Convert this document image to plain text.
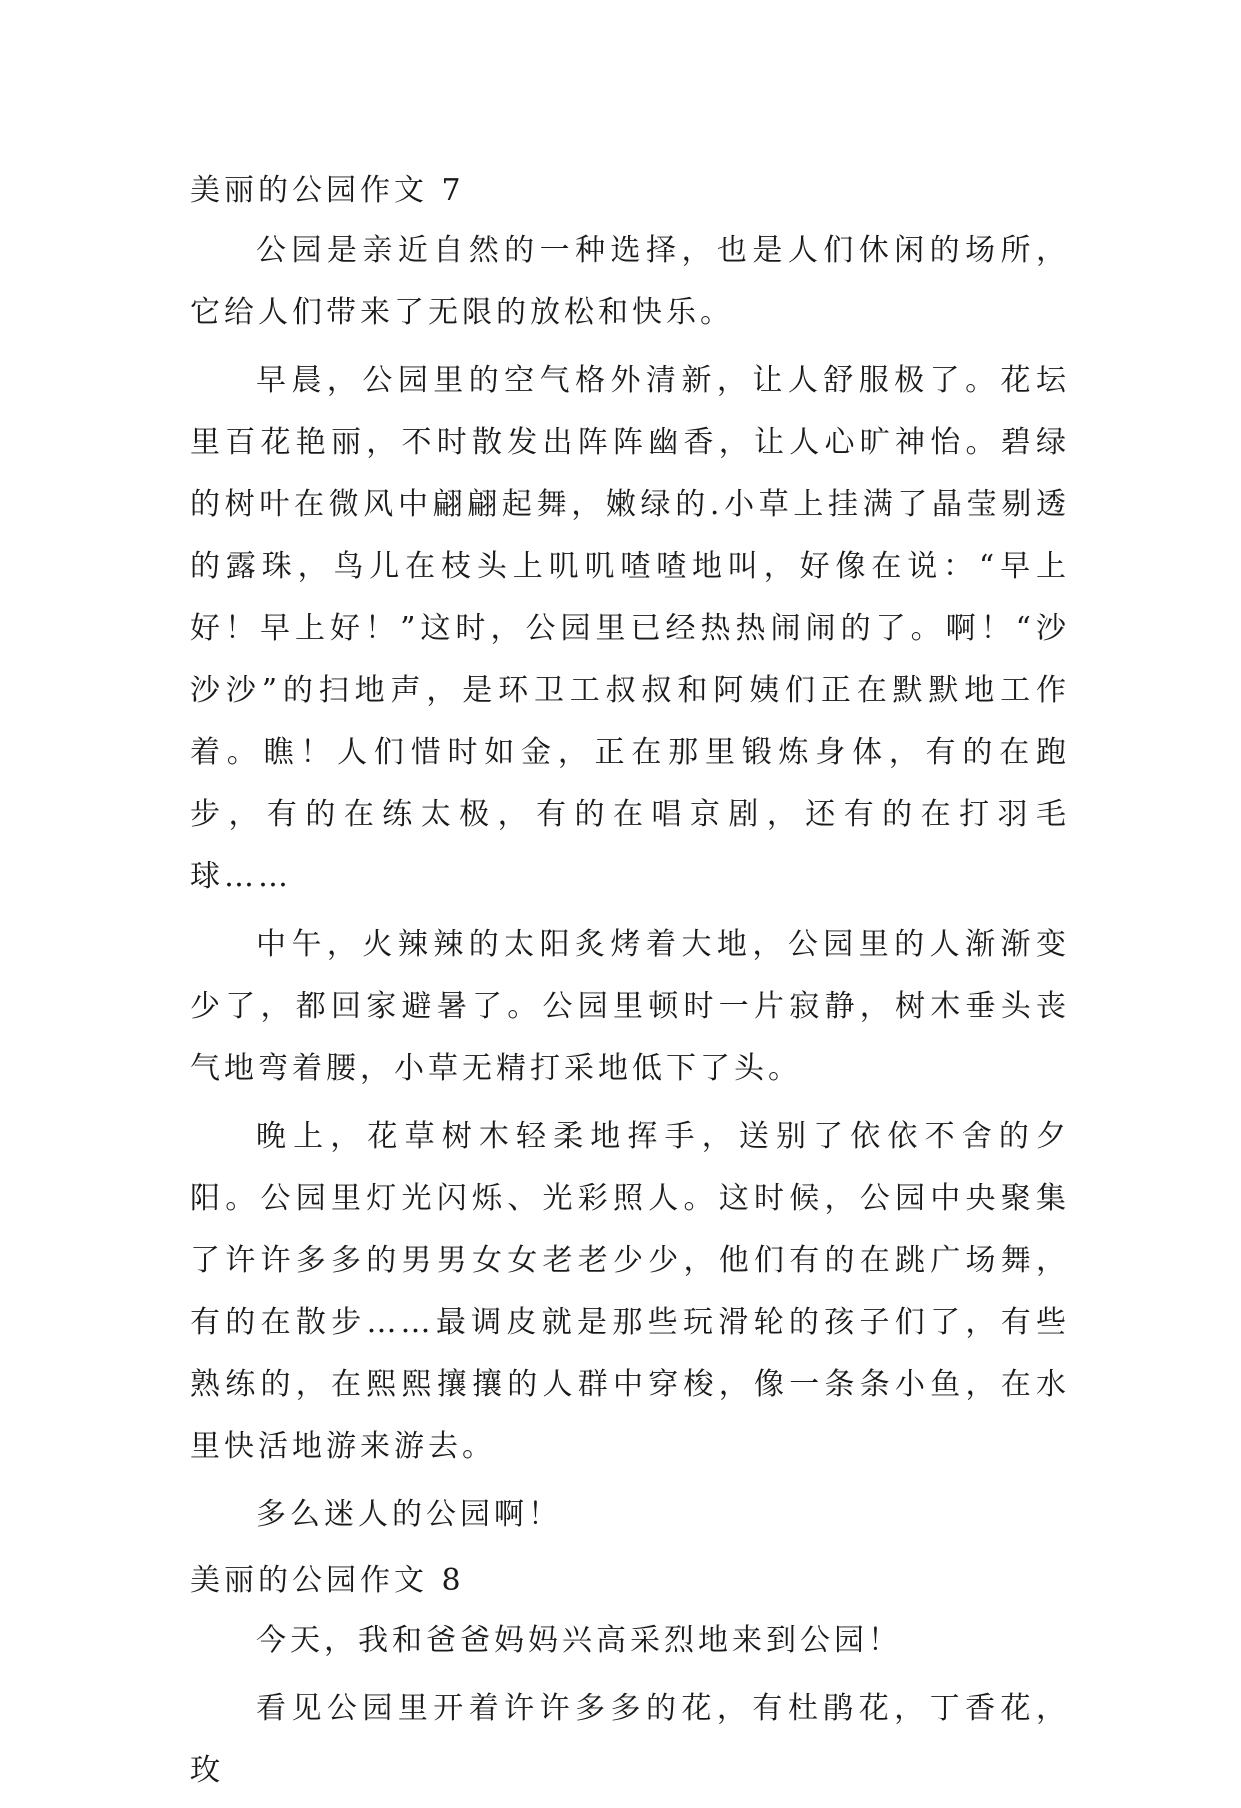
美丽的公园作文 7

公园是亲近自然的一种选择，也是人们休闲的场所，它给人们带来了无限的放松和快乐。

早晨，公园里的空气格外清新，让人舒服极了。花坛里百花艳丽，不时散发出阵阵幽香，让人心旷神怡。碧绿的树叶在微风中翩翩起舞，嫩绿的.小草上挂满了晶莹剔透的露珠，鸟儿在枝头上叽叽喳喳地叫，好像在说：“早上好！早上好！”这时，公园里已经热热闹闹的了。啊！“沙沙沙”的扫地声，是环卫工叔叔和阿姨们正在默默地工作着。瞧！人们惜时如金，正在那里锻炼身体，有的在跑步，有的在练太极，有的在唱京剧，还有的在打羽毛球……

中午，火辣辣的太阳炙烤着大地，公园里的人渐渐变少了，都回家避暑了。公园里顿时一片寂静，树木垂头丧气地弯着腰，小草无精打采地低下了头。

晚上，花草树木轻柔地挥手，送别了依依不舍的夕阳。公园里灯光闪烁、光彩照人。这时候，公园中央聚集了许许多多的男男女女老老少少，他们有的在跳广场舞，有的在散步……最调皮就是那些玩滑轮的孩子们了，有些熟练的，在熙熙攘攘的人群中穿梭，像一条条小鱼，在水里快活地游来游去。

多么迷人的公园啊！

美丽的公园作文 8

今天，我和爸爸妈妈兴高采烈地来到公园！

看见公园里开着许许多多的花，有杜鹃花，丁香花，玫
